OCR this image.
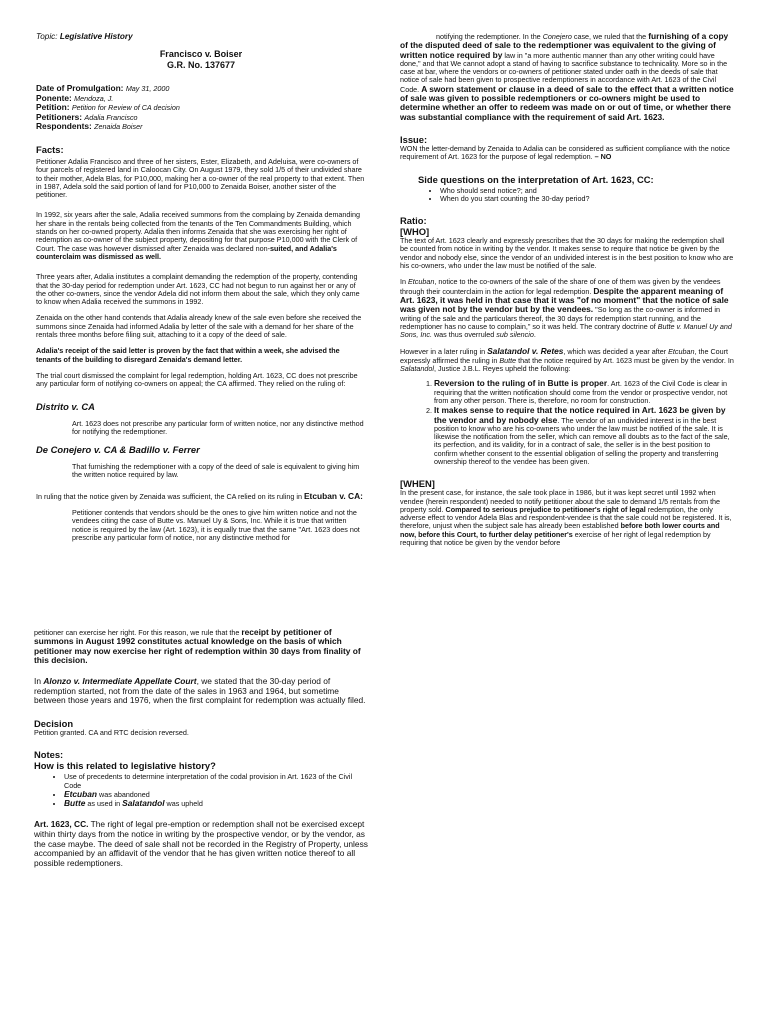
Topic: Legislative History

Francisco v. Boiser

G.R. No. 137677

Date of Promulgation: May 31, 2000
Ponente: Mendoza, J.
Petition: Petition for Review of CA decision
Petitioners: Adalia Francisco
Respondents: Zenaida Boiser

Facts:

Petitioner Adalia Francisco and three of her sisters, Ester, Elizabeth, and Adeluisa, were co-owners of four parcels of registered land in Caloocan City. On August 1979, they sold 1/5 of their undivided share to their mother, Adela Blas, for P10,000, making her a co-owner of the real property to that extent. Then in 1987, Adela sold the said portion of land for P10,000 to Zenaida Boiser, another sister of the petitioner.

In 1992, six years after the sale, Adalia received summons from the complaing by Zenaida demanding her share in the rentals being collected from the tenants of the Ten Commandments Building, which stands on her co-owned property. Adalia then informs Zenaida that she was exercising her right of redemption as co-owner of the subject property, depositing for that purpose P10,000 with the Clerk of Court. The case was however dismissed after Zenaida was declared non-suited, and Adalia's counterclaim was dismissed as well.

Three years after, Adalia institutes a complaint demanding the redemption of the property, contending that the 30-day period for redemption under Art. 1623, CC had not begun to run against her or any of the other co-owners, since the vendor Adela did not inform them about the sale, which they only came to know when Adalia received the summons in 1992.

Zenaida on the other hand contends that Adalia already knew of the sale even before she received the summons since Zenaida had informed Adalia by letter of the sale with a demand for her share of the rentals three months before filing suit, attaching to it a copy of the deed of sale.

Adalia's receipt of the said letter is proven by the fact that within a week, she advised the tenants of the building to disregard Zenaida's demand letter.

The trial court dismissed the complaint for legal redemption, holding Art. 1623, CC does not prescribe any particular form of notifying co-owners on appeal; the CA affirmed. They relied on the ruling of:

Distrito v. CA

Art. 1623 does not prescribe any particular form of written notice, nor any distinctive method for notifying the redemptioner.

De Conejero v. CA & Badillo v. Ferrer

That furnishing the redemptioner with a copy of the deed of sale is equivalent to giving him the written notice required by law.

In ruling that the notice given by Zenaida was sufficient, the CA relied on its ruling in Etcuban v. CA:

Petitioner contends that vendors should be the ones to give him written notice and not the vendees citing the case of Butte vs. Manuel Uy & Sons, Inc. While it is true that written notice is required by the law (Art. 1623), it is equally true that the same "Art. 1623 does not prescribe any particular form of notice, nor any distinctive method for

petitioner can exercise her right. For this reason, we rule that the receipt by petitioner of summons in August 1992 constitutes actual knowledge on the basis of which petitioner may now exercise her right of redemption within 30 days from finality of this decision.

In Alonzo v. Intermediate Appellate Court, we stated that the 30-day period of redemption started, not from the date of the sales in 1963 and 1964, but sometime between those years and 1976, when the first complaint for redemption was actually filed.

Decision

Petition granted. CA and RTC decision reversed.

Notes:

How is this related to legislative history?

• Use of precedents to determine interpretation of the codal provision in Art. 1623 of the Civil Code
• Etcuban was abandoned
• Butte as used in Salatandol was upheld

Art. 1623, CC. The right of legal pre-emption or redemption shall not be exercised except within thirty days from the notice in writing by the prospective vendor, or by the vendor, as the case maybe. The deed of sale shall not be recorded in the Registry of Property, unless accompanied by an affidavit of the vendor that he has given written notice thereof to all possible redemptioners.

notifying the redemptioner. In the Conejero case, we ruled that the furnishing of a copy of the disputed deed of sale to the redemptioner was equivalent to the giving of written notice required by law in "a more authentic manner than any other writing could have done," and that We cannot adopt a stand of having to sacrifice substance to technicality. More so in the case at bar, where the vendors or co-owners of petitioner stated under oath in the deeds of sale that notice of sale had been given to prospective redemptioners in accordance with Art. 1623 of the Civil Code. A sworn statement or clause in a deed of sale to the effect that a written notice of sale was given to possible redemptioners or co-owners might be used to determine whether an offer to redeem was made on or out of time, or whether there was substantial compliance with the requirement of said Art. 1623.

Issue:

WON the letter-demand by Zenaida to Adalia can be considered as sufficient compliance with the notice requirement of Art. 1623 for the purpose of legal redemption. – NO

Side questions on the interpretation of Art. 1623, CC:

• Who should send notice?; and
• When do you start counting the 30-day period?

Ratio:

[WHO]

The text of Art. 1623 clearly and expressly prescribes that the 30 days for making the redemption shall be counted from notice in writing by the vendor. It makes sense to require that notice be given by the vendor and nobody else, since the vendor of an undivided interest is in the best position to know who are his co-owners, who under the law must be notified of the sale.

In Etcuban, notice to the co-owners of the sale of the share of one of them was given by the vendees through their counterclaim in the action for legal redemption. Despite the apparent meaning of Art. 1623, it was held in that case that it was "of no moment" that the notice of sale was given not by the vendor but by the vendees. "So long as the co-owner is informed in writing of the sale and the particulars thereof, the 30 days for redemption start running, and the redemptioner has no cause to complain," so it was held. The contrary doctrine of Butte v. Manuel Uy and Sons, Inc. was thus overruled sub silencio.

However in a later ruling in Salatandol v. Retes, which was decided a year after Etcuban, the Court expressly affirmed the ruling in Butte that the notice required by Art. 1623 must be given by the vendor. In Salatandol, Justice J.B.L. Reyes upheld the following:

1. Reversion to the ruling of in Butte is proper. Art. 1623 of the Civil Code is clear in requiring that the written notification should come from the vendor or prospective vendor, not from any other person. There is, therefore, no room for construction.
2. It makes sense to require that the notice required in Art. 1623 be given by the vendor and by nobody else. The vendor of an undivided interest is in the best position to know who are his co-owners who under the law must be notified of the sale. It is likewise the notification from the seller, which can remove all doubts as to the fact of the sale, its perfection, and its validity, for in a contract of sale, the seller is in the best position to confirm whether consent to the essential obligation of selling the property and transferring ownership thereof to the vendee has been given.

[WHEN]

In the present case, for instance, the sale took place in 1986, but it was kept secret until 1992 when vendee (herein respondent) needed to notify petitioner about the sale to demand 1/5 rentals from the property sold. Compared to serious prejudice to petitioner's right of legal redemption, the only adverse effect to vendor Adela Blas and respondent-vendee is that the sale could not be registered. It is, therefore, unjust when the subject sale has already been established before both lower courts and now, before this Court, to further delay petitioner's exercise of her right of legal redemption by requiring that notice be given by the vendor before
